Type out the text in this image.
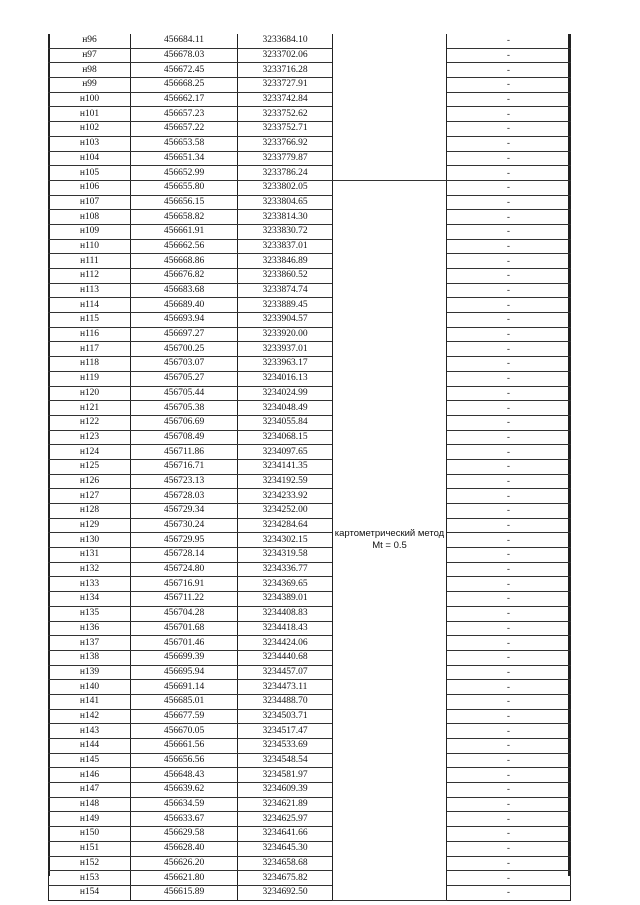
н96	456684.11	3233684.10		-
н97	456678.03	3233702.06		-
н98	456672.45	3233716.28		-
н99	456668.25	3233727.91		-
н100	456662.17	3233742.84		-
н101	456657.23	3233752.62		-
н102	456657.22	3233752.71		-
н103	456653.58	3233766.92		-
н104	456651.34	3233779.87		-
н105	456652.99	3233786.24		-
н106	456655.80	3233802.05	картометрический метод Mt = 0.5	-
н107	456656.15	3233804.65		-
н108	456658.82	3233814.30		-
н109	456661.91	3233830.72		-
н110	456662.56	3233837.01		-
н111	456668.86	3233846.89		-
н112	456676.82	3233860.52		-
н113	456683.68	3233874.74		-
н114	456689.40	3233889.45		-
н115	456693.94	3233904.57		-
н116	456697.27	3233920.00		-
н117	456700.25	3233937.01		-
н118	456703.07	3233963.17		-
н119	456705.27	3234016.13		-
н120	456705.44	3234024.99		-
н121	456705.38	3234048.49		-
н122	456706.69	3234055.84		-
н123	456708.49	3234068.15		-
н124	456711.86	3234097.65		-
н125	456716.71	3234141.35		-
н126	456723.13	3234192.59		-
н127	456728.03	3234233.92		-
н128	456729.34	3234252.00		-
н129	456730.24	3234284.64		-
н130	456729.95	3234302.15		-
н131	456728.14	3234319.58		-
н132	456724.80	3234336.77		-
н133	456716.91	3234369.65		-
н134	456711.22	3234389.01		-
н135	456704.28	3234408.83		-
н136	456701.68	3234418.43		-
н137	456701.46	3234424.06		-
н138	456699.39	3234440.68		-
н139	456695.94	3234457.07		-
н140	456691.14	3234473.11		-
н141	456685.01	3234488.70		-
н142	456677.59	3234503.71		-
н143	456670.05	3234517.47		-
н144	456661.56	3234533.69		-
н145	456656.56	3234548.54		-
н146	456648.43	3234581.97		-
н147	456639.62	3234609.39		-
н148	456634.59	3234621.89		-
н149	456633.67	3234625.97		-
н150	456629.58	3234641.66		-
н151	456628.40	3234645.30		-
н152	456626.20	3234658.68		-
н153	456621.80	3234675.82		-
н154	456615.89	3234692.50		-
